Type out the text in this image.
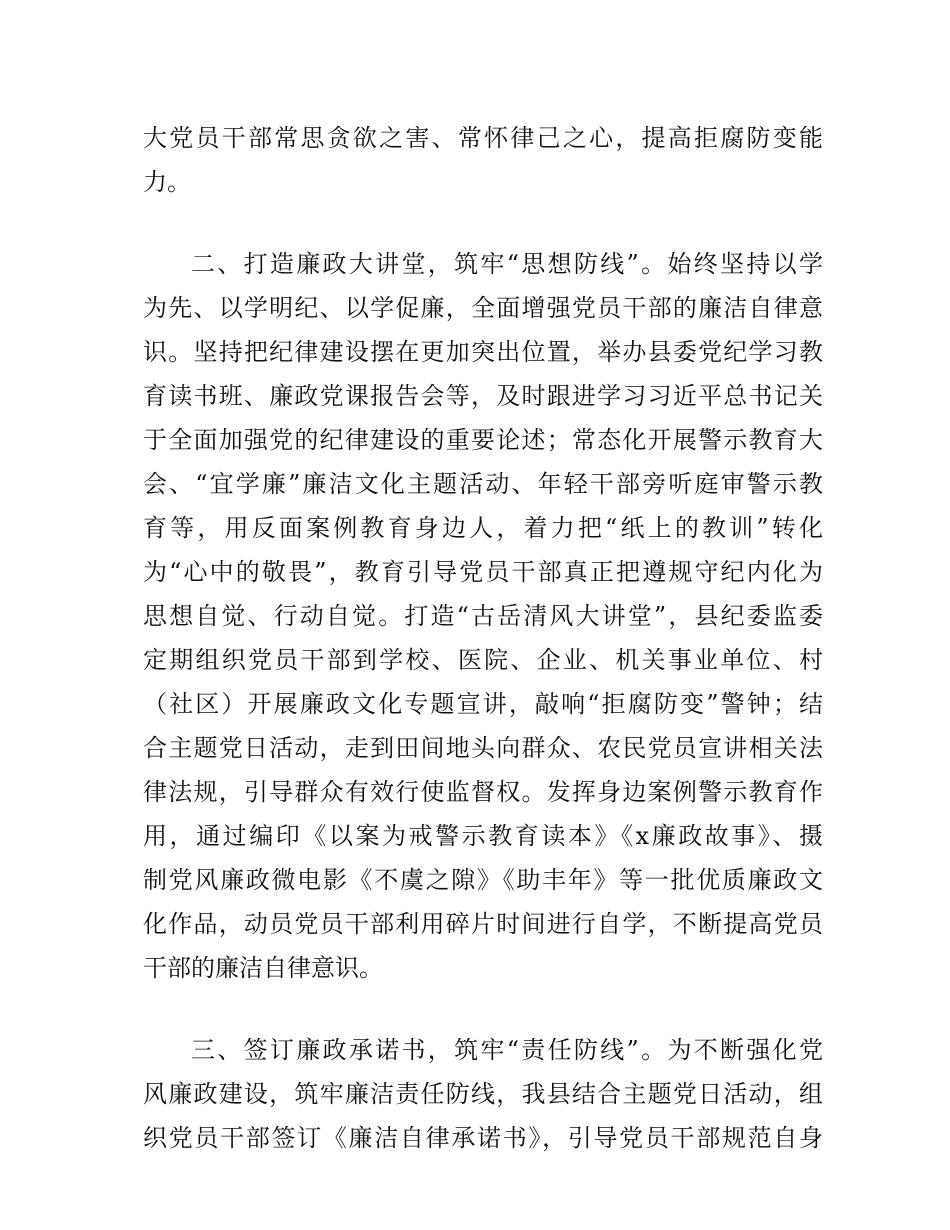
大党员干部常思贪欲之害、常怀律己之心，提高拒腐防变能
力。
二、打造廉政大讲堂，筑牢“思想防线”。始终坚持以学
为先、以学明纪、以学促廉，全面增强党员干部的廉洁自律意
识。坚持把纪律建设摆在更加突出位置，举办县委党纪学习教
育读书班、廉政党课报告会等，及时跟进学习习近平总书记关
于全面加强党的纪律建设的重要论述；常态化开展警示教育大
会、“宜学廉”廉洁文化主题活动、年轻干部旁听庭审警示教
育等，用反面案例教育身边人，着力把“纸上的教训”转化
为“心中的敬畏”，教育引导党员干部真正把遵规守纪内化为
思想自觉、行动自觉。打造“古岳清风大讲堂”，县纪委监委
定期组织党员干部到学校、医院、企业、机关事业单位、村
（社区）开展廉政文化专题宣讲，敲响“拒腐防变”警钟；结
合主题党日活动，走到田间地头向群众、农民党员宣讲相关法
律法规，引导群众有效行使监督权。发挥身边案例警示教育作
用，通过编印《以案为戒警示教育读本》《x廉政故事》、摄
制党风廉政微电影《不虞之隙》《助丰年》等一批优质廉政文
化作品，动员党员干部利用碎片时间进行自学，不断提高党员
干部的廉洁自律意识。
三、签订廉政承诺书，筑牢“责任防线”。为不断强化党
风廉政建设，筑牢廉洁责任防线，我县结合主题党日活动，组
织党员干部签订《廉洁自律承诺书》，引导党员干部规范自身
